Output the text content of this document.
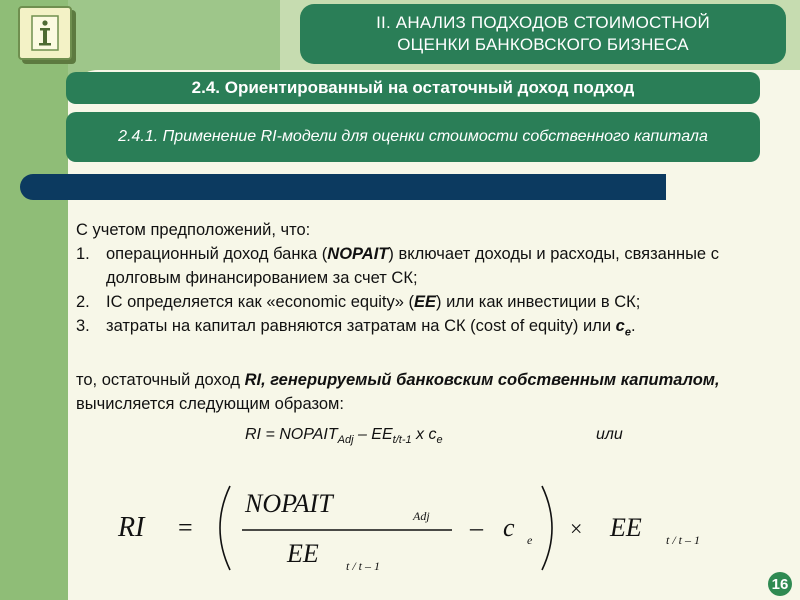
II. АНАЛИЗ ПОДХОДОВ СТОИМОСТНОЙ
ОЦЕНКИ БАНКОВСКОГО БИЗНЕСА
2.4. Ориентированный на остаточный доход подход
2.4.1. Применение RI-модели для оценки стоимости собственного капитала

С учетом предположений, что:

1. операционный доход банка (NOPAIT) включает доходы и расходы, связанные с долговым финансированием за счет СК;
2. IC определяется как «economic equity» (EE) или как инвестиции в СК;
3. затраты на капитал равняются затратам на СК (cost of equity) или $c_e$.

то, остаточный доход RI, генерируемый банковским собственным капиталом, вычисляется следующим образом:

RI = $NOPAIT_{Adj} - EE_{t/t-1}$ x $c_e$	или
RI =
NOPAIT	Adj
EE t / t – 1
– c e × EE t / t – 1
16
